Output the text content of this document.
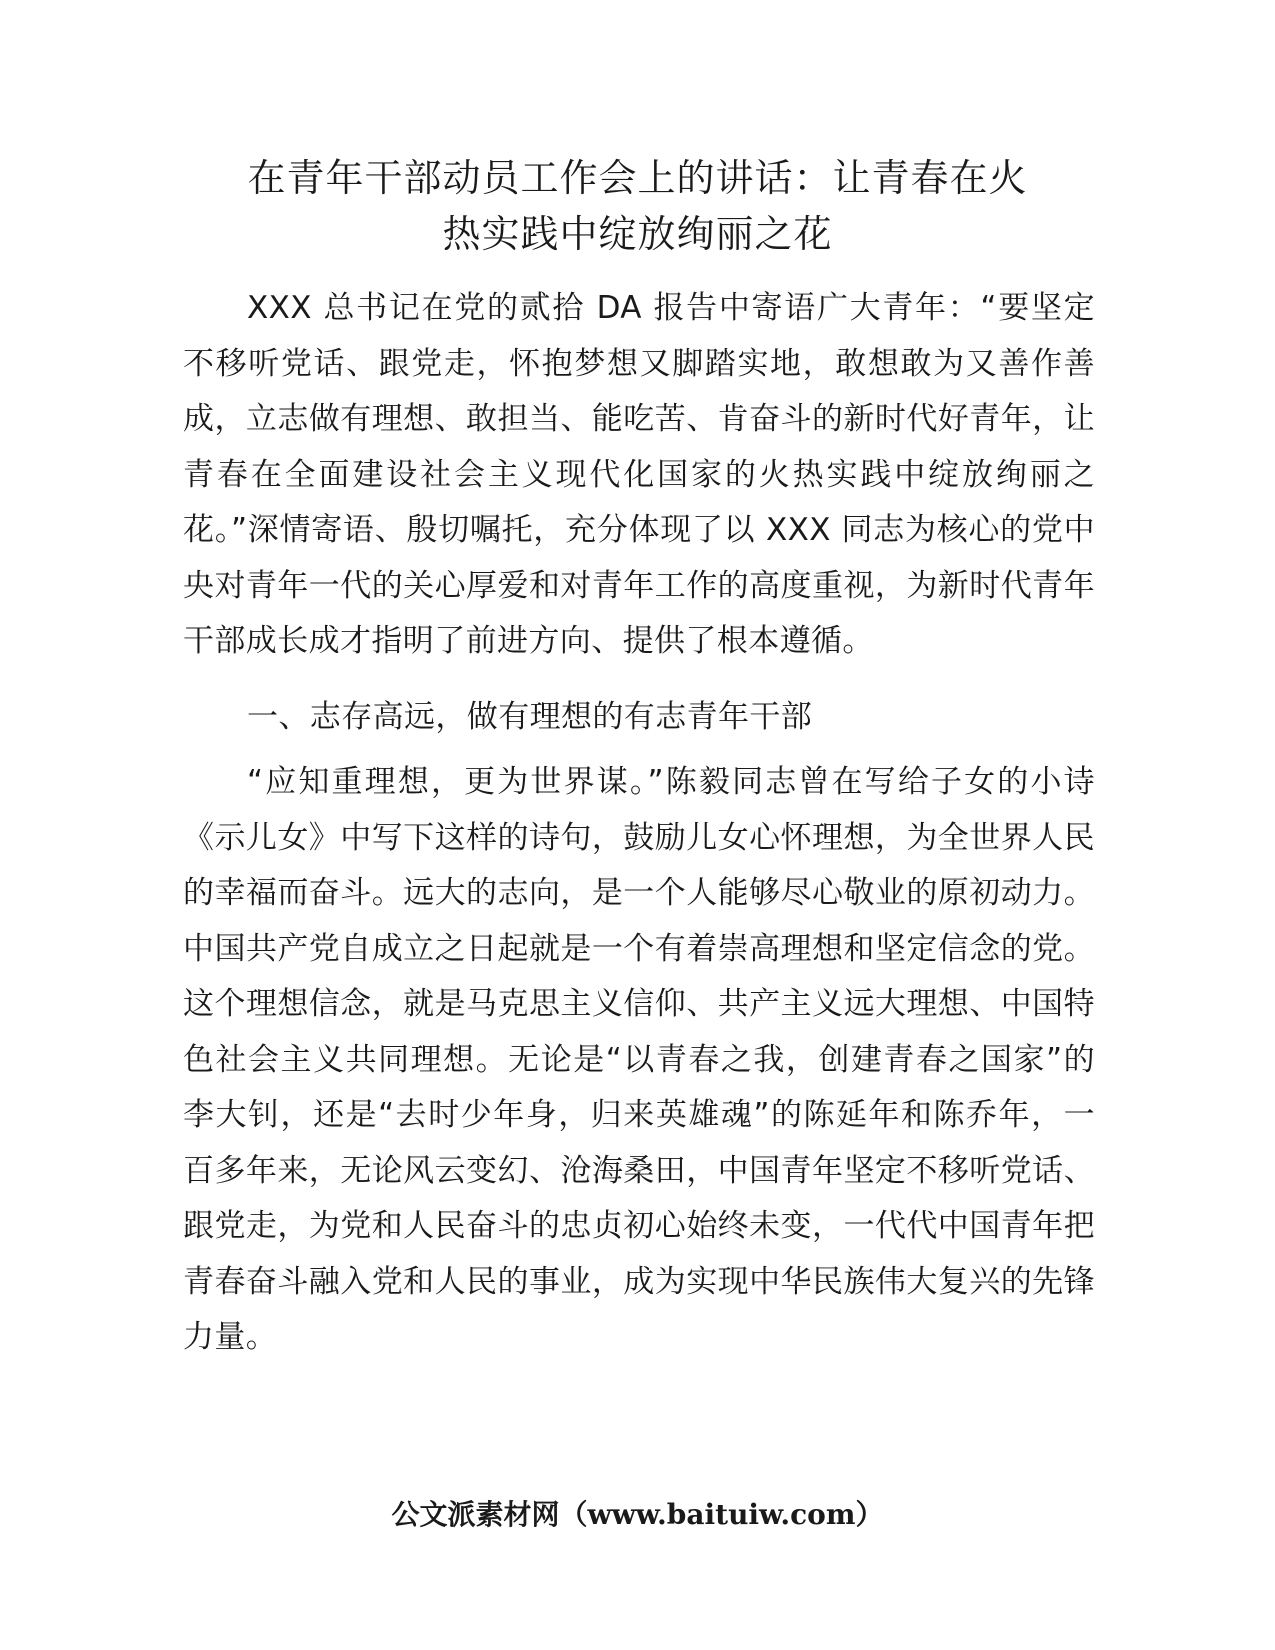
在青年干部动员工作会上的讲话：让青春在火
热实践中绽放绚丽之花

XXX 总书记在党的贰拾 DA 报告中寄语广大青年：“要坚定不移听党话、跟党走，怀抱梦想又脚踏实地，敢想敢为又善作善成，立志做有理想、敢担当、能吃苦、肯奋斗的新时代好青年，让青春在全面建设社会主义现代化国家的火热实践中绽放绚丽之花。”深情寄语、殷切嘱托，充分体现了以 XXX 同志为核心的党中央对青年一代的关心厚爱和对青年工作的高度重视，为新时代青年干部成长成才指明了前进方向、提供了根本遵循。

一、志存高远，做有理想的有志青年干部

“应知重理想，更为世界谋。”陈毅同志曾在写给子女的小诗《示儿女》中写下这样的诗句，鼓励儿女心怀理想，为全世界人民的幸福而奋斗。远大的志向，是一个人能够尽心敬业的原初动力。中国共产党自成立之日起就是一个有着崇高理想和坚定信念的党。这个理想信念，就是马克思主义信仰、共产主义远大理想、中国特色社会主义共同理想。无论是“以青春之我，创建青春之国家”的李大钊，还是“去时少年身，归来英雄魂”的陈延年和陈乔年，一百多年来，无论风云变幻、沧海桑田，中国青年坚定不移听党话、跟党走，为党和人民奋斗的忠贞初心始终未变，一代代中国青年把青春奋斗融入党和人民的事业，成为实现中华民族伟大复兴的先锋力量。

公文派素材网（www.baituiw.com）
